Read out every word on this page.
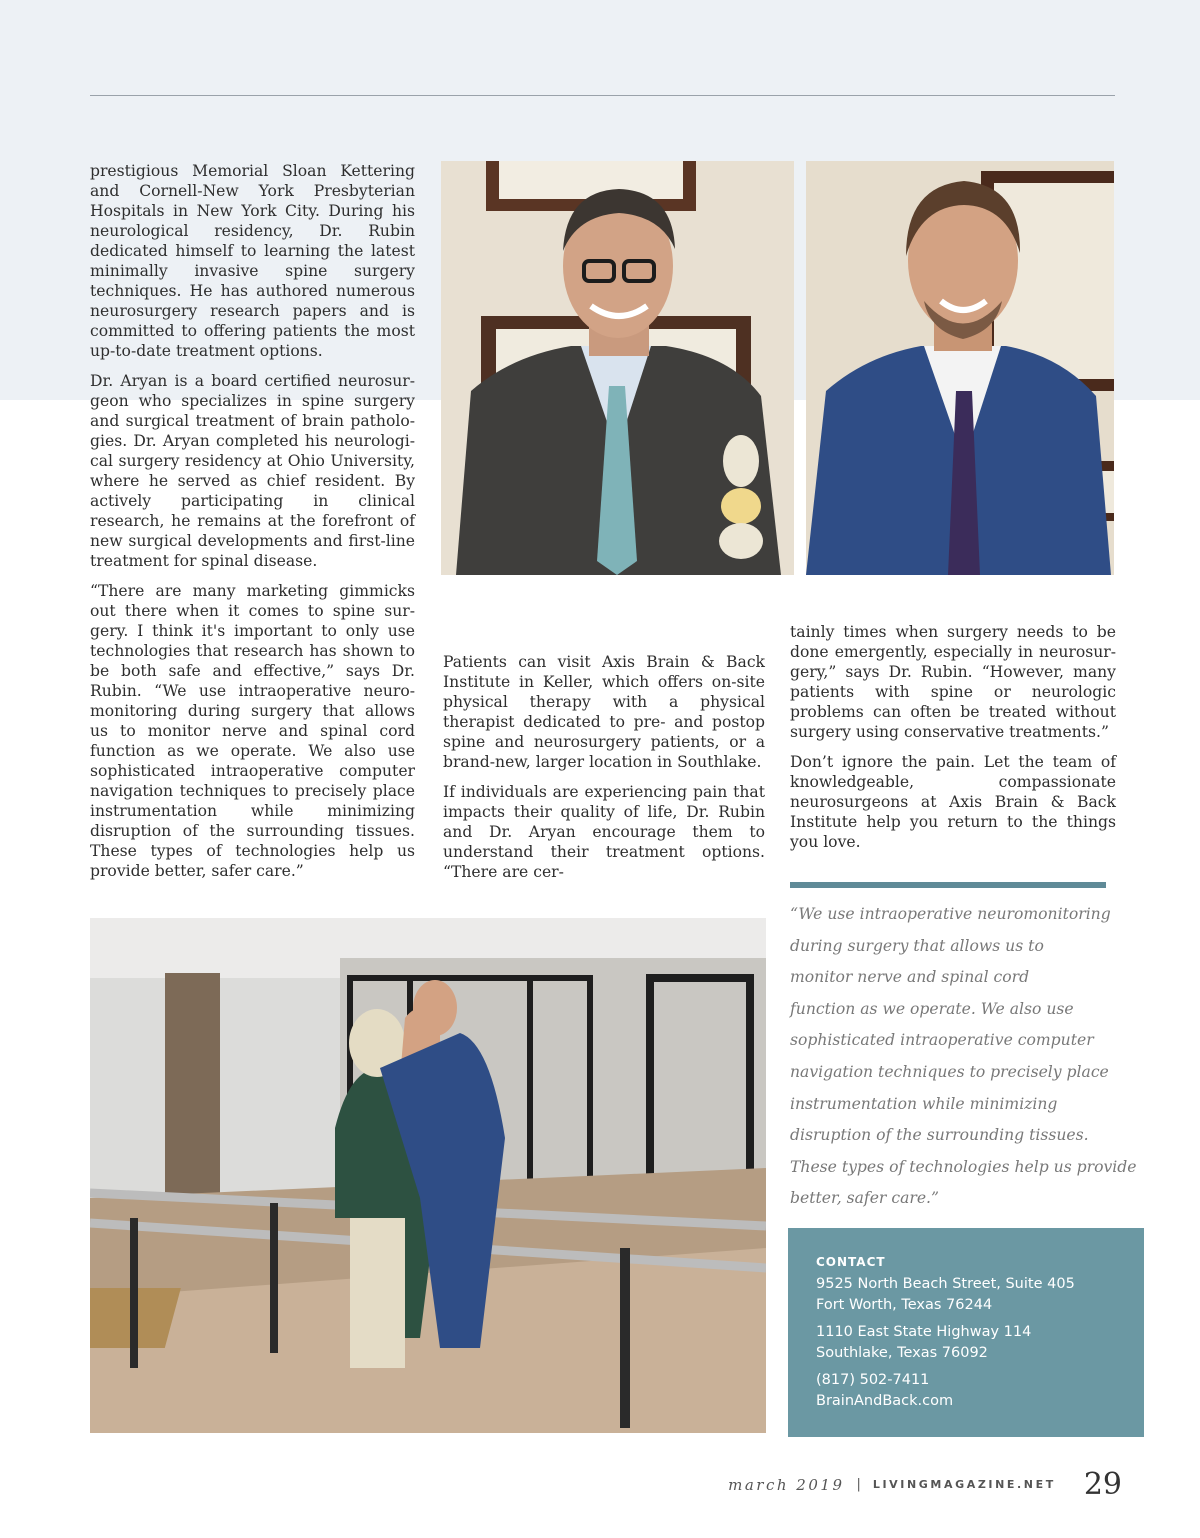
prestigious Memorial Sloan Kettering and Cornell-New York Presbyterian Hospitals in New York City. During his neurological residency, Dr. Rubin dedicated himself to learning the latest minimally invasive spine surgery techniques. He has authored numerous neurosurgery research papers and is committed to offering patients the most up-to-date treatment options.

Dr. Aryan is a board certified neurosurgeon who specializes in spine surgery and surgical treatment of brain pathologies. Dr. Aryan completed his neurological surgery residency at Ohio University, where he served as chief resident. By actively participating in clinical research, he remains at the forefront of new surgical developments and first-line treatment for spinal disease.

“There are many marketing gimmicks out there when it comes to spine surgery. I think it's important to only use technologies that research has shown to be both safe and effective,” says Dr. Rubin. “We use intraoperative neuromonitoring during surgery that allows us to monitor nerve and spinal cord function as we operate. We also use sophisticated intraoperative computer navigation techniques to precisely place instrumentation while minimizing disruption of the surrounding tissues. These types of technologies help us provide better, safer care.”

Patients can visit Axis Brain & Back Institute in Keller, which offers on-site physical therapy with a physical therapist dedicated to pre- and postop spine and neurosurgery patients, or a brand-new, larger location in Southlake.

If individuals are experiencing pain that impacts their quality of life, Dr. Rubin and Dr. Aryan encourage them to understand their treatment options. “There are cer-

tainly times when surgery needs to be done emergently, especially in neurosurgery,” says Dr. Rubin. “However, many patients with spine or neurologic problems can often be treated without surgery using conservative treatments.”

Don’t ignore the pain. Let the team of knowledgeable, compassionate neurosurgeons at Axis Brain & Back Institute help you return to the things you love.

“We use intraoperative neuromonitoring
during surgery that allows us to
monitor nerve and spinal cord
function as we operate. We also use
sophisticated intraoperative computer
navigation techniques to precisely place
instrumentation while minimizing
disruption of the surrounding tissues.
These types of technologies help us provide
better, safer care.”
CONTACT
9525 North Beach Street, Suite 405
Fort Worth, Texas 76244
1110 East State Highway 114
Southlake, Texas 76092
(817) 502-7411
BrainAndBack.com
march 2019 | LIVINGMAGAZINE.NET 29
